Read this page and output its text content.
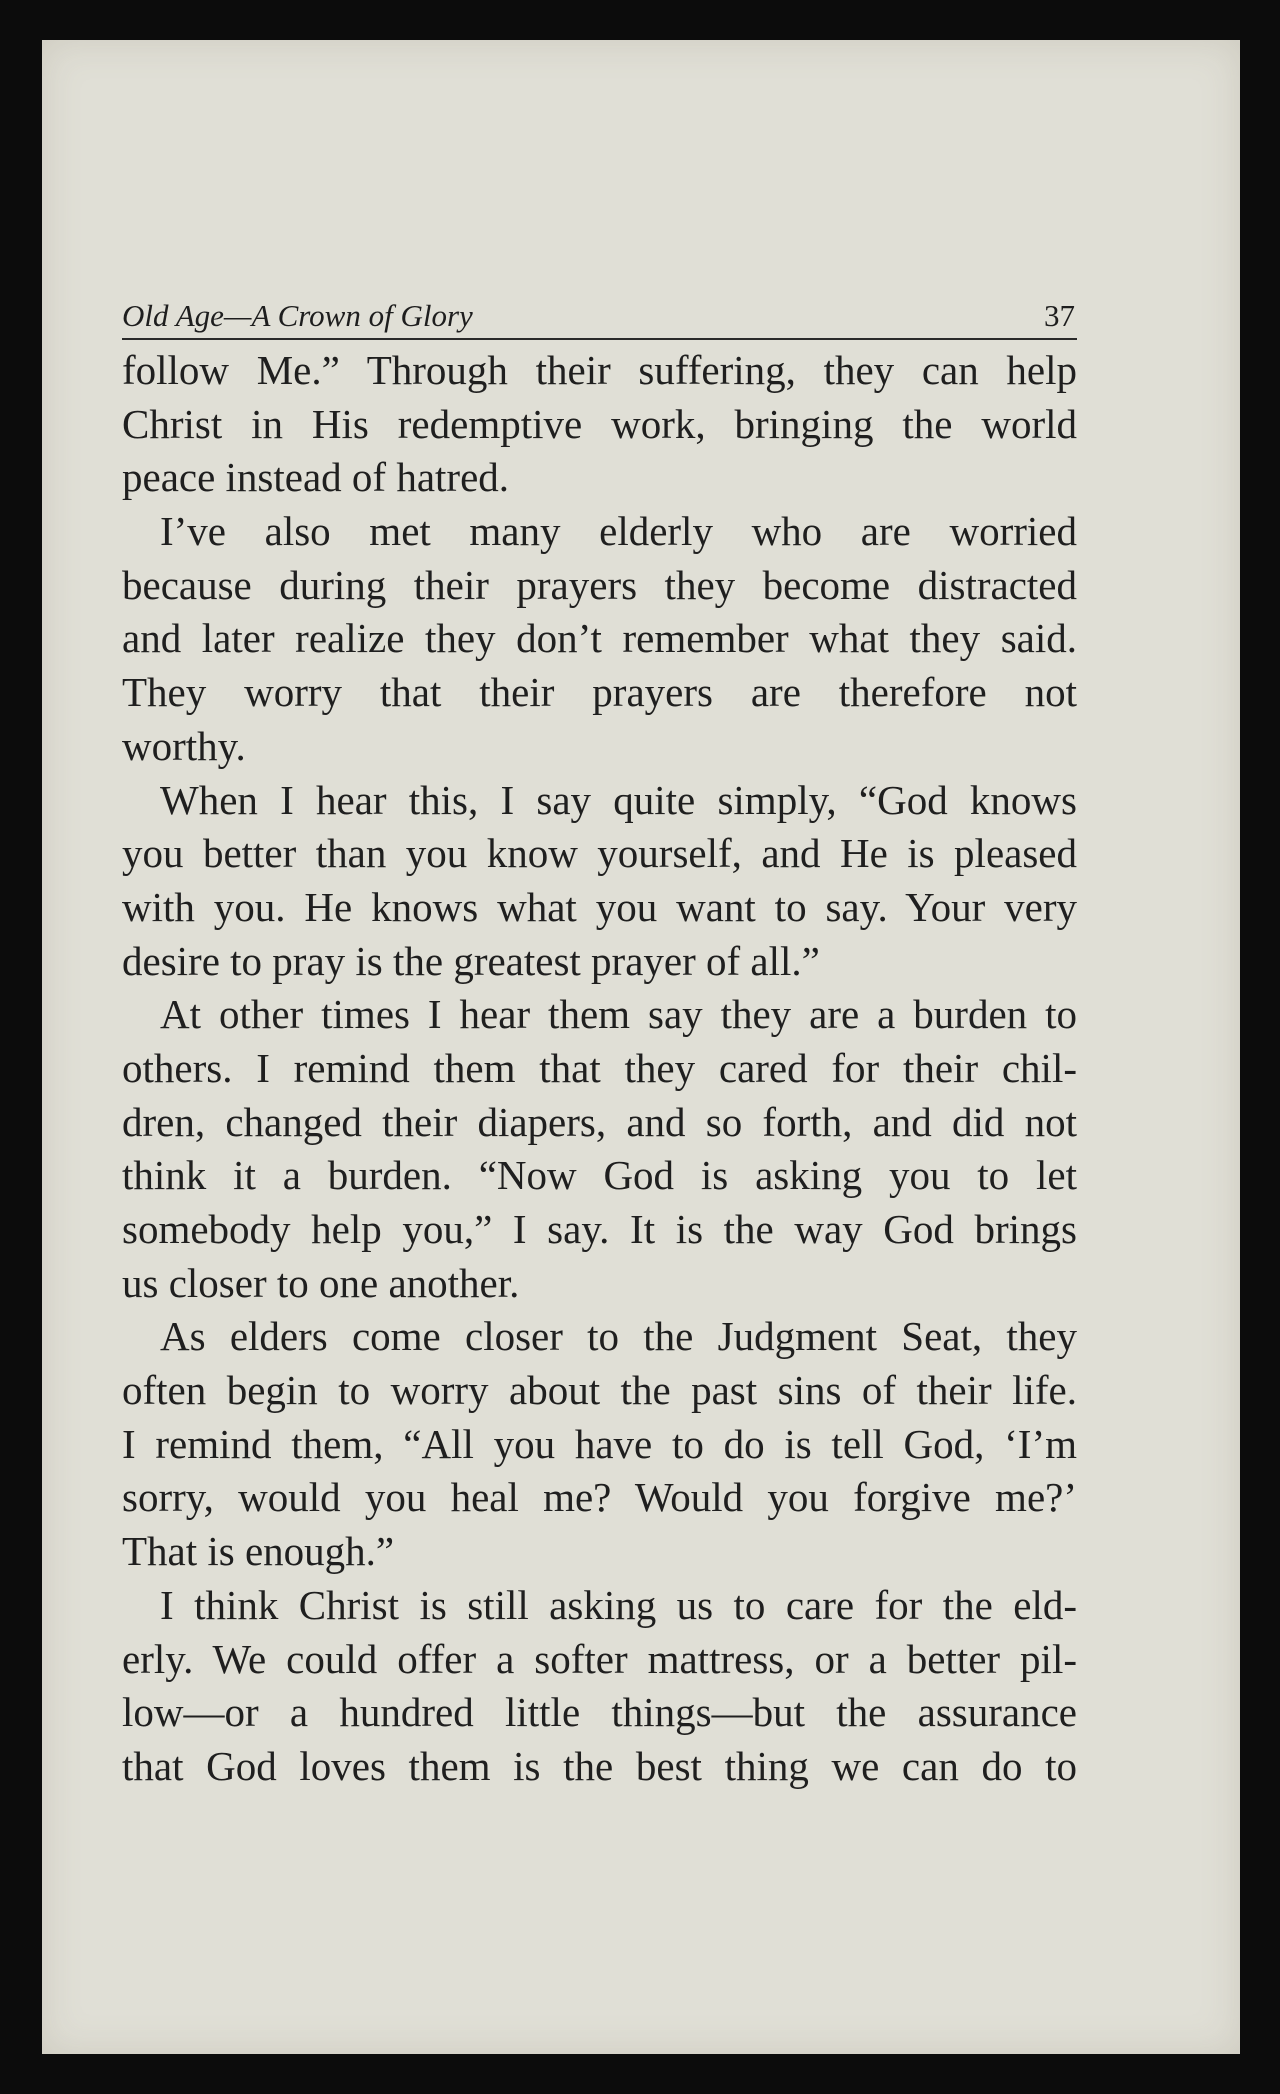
Old Age—A Crown of Glory	37
follow Me.” Through their suffering, they can help
Christ in His redemptive work, bringing the world
peace instead of hatred.
I’ve also met many elderly who are worried
because during their prayers they become distracted
and later realize they don’t remember what they said.
They worry that their prayers are therefore not
worthy.
When I hear this, I say quite simply, “God knows
you better than you know yourself, and He is pleased
with you. He knows what you want to say. Your very
desire to pray is the greatest prayer of all.”
At other times I hear them say they are a burden to
others. I remind them that they cared for their chil-
dren, changed their diapers, and so forth, and did not
think it a burden. “Now God is asking you to let
somebody help you,” I say. It is the way God brings
us closer to one another.
As elders come closer to the Judgment Seat, they
often begin to worry about the past sins of their life.
I remind them, “All you have to do is tell God, ‘I’m
sorry, would you heal me? Would you forgive me?’
That is enough.”
I think Christ is still asking us to care for the eld-
erly. We could offer a softer mattress, or a better pil-
low—or a hundred little things—but the assurance
that God loves them is the best thing we can do to
